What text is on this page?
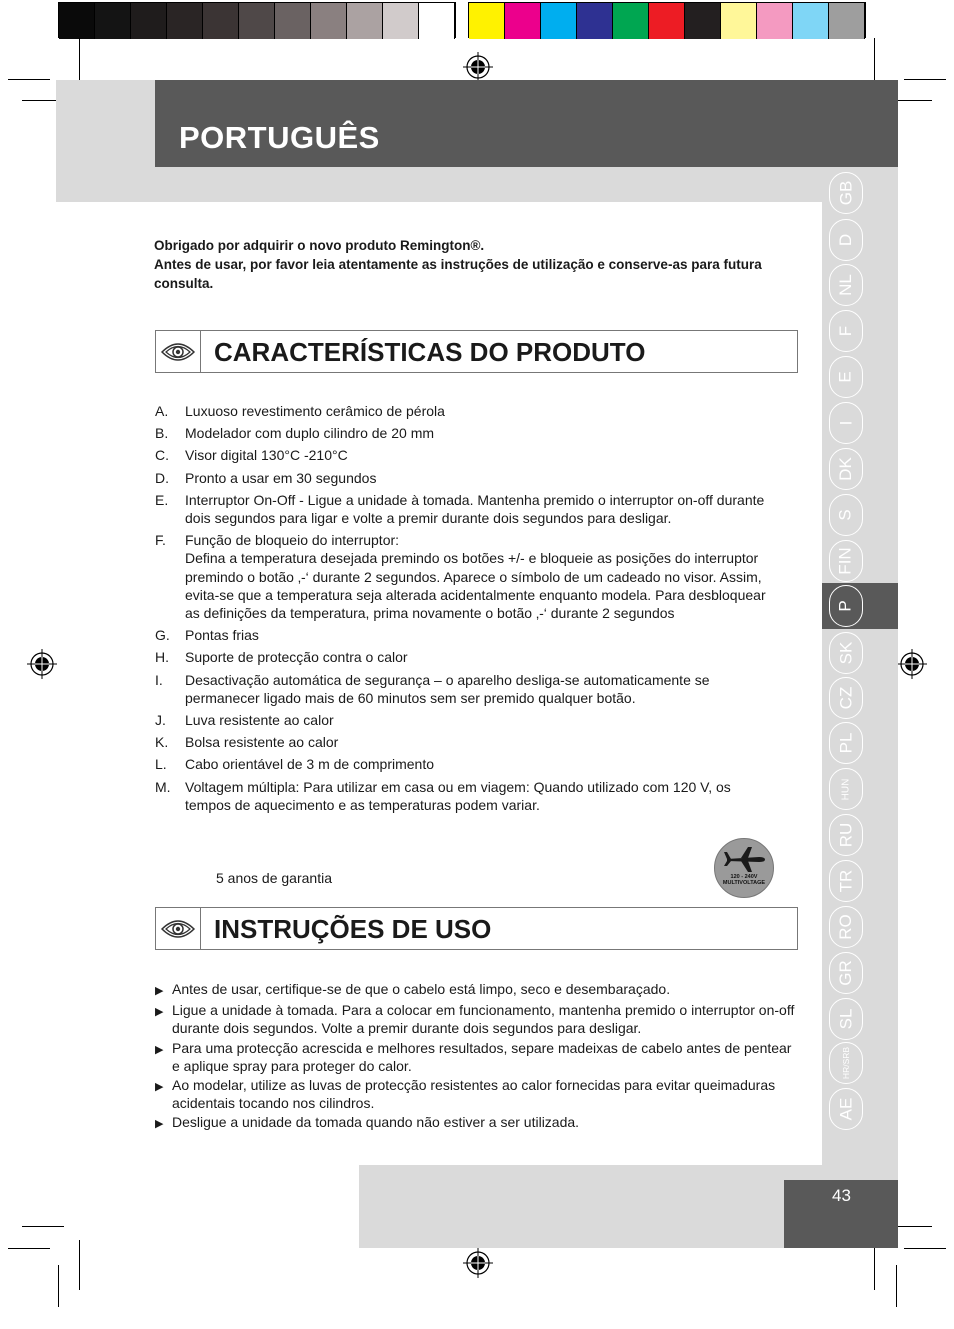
PORTUGUÊS

Obrigado por adquirir o novo produto Remington®.

Antes de usar, por favor leia atentamente as instruções de utilização e conserve-as para futura consulta.

CARACTERÍSTICAS DO PRODUTO
A.	Luxuoso revestimento cerâmico de pérola
B.	Modelador com duplo cilindro de 20 mm
C.	Visor digital 130°C -210°C
D.	Pronto a usar em 30 segundos
E.	Interruptor On-Off - Ligue a unidade à tomada. Mantenha premido o interruptor on-off durante dois segundos para ligar e volte a premir durante dois segundos para desligar.
F.	Função de bloqueio do interruptor:
Defina a temperatura desejada premindo os botões +/- e bloqueie as posições do interruptor premindo o botão ‚-‘ durante 2 segundos. Aparece o símbolo de um cadeado no visor. Assim, evita-se que a temperatura seja alterada acidentalmente enquanto modela. Para desbloquear as definições da temperatura, prima novamente o botão ‚-‘ durante 2 segundos
G.	Pontas frias
H.	Suporte de protecção contra o calor
I.	Desactivação automática de segurança – o aparelho desliga-se automaticamente se permanecer ligado mais de 60 minutos sem ser premido qualquer botão.
J.	Luva resistente ao calor
K.	Bolsa resistente ao calor
L.	Cabo orientável de 3 m de comprimento
M.	Voltagem múltipla: Para utilizar em casa ou em viagem: Quando utilizado com 120 V, os tempos de aquecimento e as temperaturas podem variar.
5 anos de garantia	120 - 240V
MULTIVOLTAGE
INSTRUÇÕES DE USO
▶ Antes de usar, certifique-se de que o cabelo está limpo, seco e desembaraçado.
▶ Ligue a unidade à tomada. Para a colocar em funcionamento, mantenha premido o interruptor on-off durante dois segundos. Volte a premir durante dois segundos para desligar.
▶ Para uma protecção acrescida e melhores resultados, separe madeixas de cabelo antes de pentear e aplique spray para proteger do calor.
▶ Ao modelar, utilize as luvas de protecção resistentes ao calor fornecidas para evitar queimaduras acidentais tocando nos cilindros.
▶ Desligue a unidade da tomada quando não estiver a ser utilizada.
GB
D
NL
F
E
I
DK
S
FIN
P
SK
CZ
PL
HUN
RU
TR
RO
GR
SL
HR/SRB
AE
43
